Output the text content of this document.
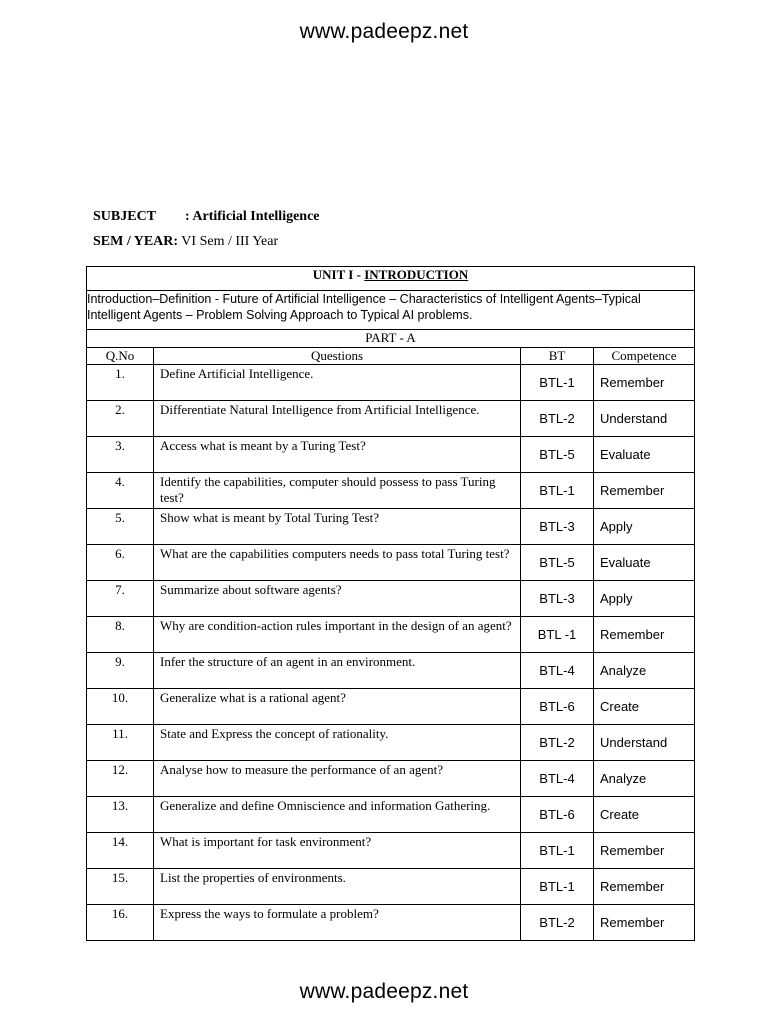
www.padeepz.net
SUBJECT : Artificial Intelligence
SEM / YEAR: VI Sem / III Year
UNIT I - INTRODUCTION			
Introduction–Definition - Future of Artificial Intelligence – Characteristics of Intelligent Agents–Typical Intelligent Agents – Problem Solving Approach to Typical AI problems.			
PART - A			
Q.No	Questions	BT	Competence
1.	Define Artificial Intelligence.	BTL-1	Remember
2.	Differentiate Natural Intelligence from Artificial Intelligence.	BTL-2	Understand
3.	Access what is meant by a Turing Test?	BTL-5	Evaluate
4.	Identify the capabilities, computer should possess to pass Turing test?	BTL-1	Remember
5.	Show what is meant by Total Turing Test?	BTL-3	Apply
6.	What are the capabilities computers needs to pass total Turing test?	BTL-5	Evaluate
7.	Summarize about software agents?	BTL-3	Apply
8.	Why are condition-action rules important in the design of an agent?	BTL -1	Remember
9.	Infer the structure of an agent in an environment.	BTL-4	Analyze
10.	Generalize what is a rational agent?	BTL-6	Create
11.	State and Express the concept of rationality.	BTL-2	Understand
12.	Analyse how to measure the performance of an agent?	BTL-4	Analyze
13.	Generalize and define Omniscience and information Gathering.	BTL-6	Create
14.	What is important for task environment?	BTL-1	Remember
15.	List the properties of environments.	BTL-1	Remember
16.	Express the ways to formulate a problem?	BTL-2	Remember
www.padeepz.net
